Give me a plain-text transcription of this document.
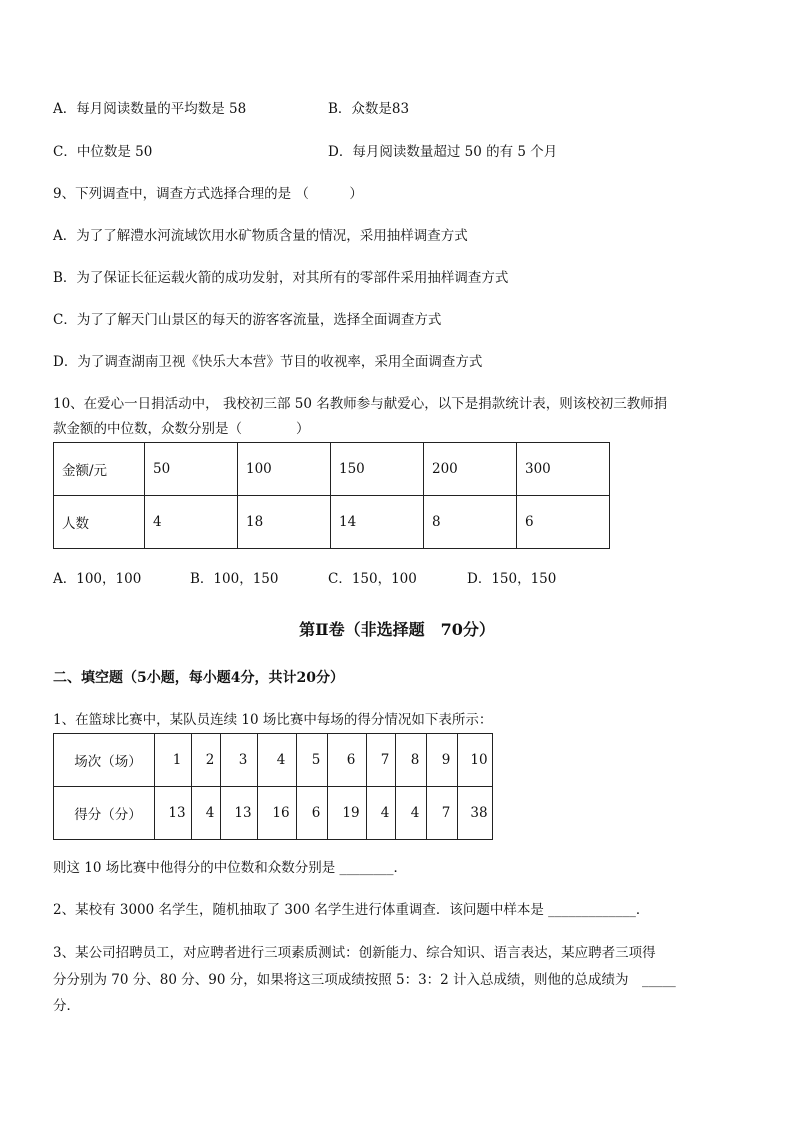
A．每月阅读数量的平均数是 58	B．众数是83
C．中位数是 50	D．每月阅读数量超过 50 的有 5 个月
9、下列调查中，调查方式选择合理的是 （　　　）
A．为了了解澧水河流域饮用水矿物质含量的情况，采用抽样调查方式
B．为了保证长征运载火箭的成功发射，对其所有的零部件采用抽样调查方式
C．为了了解天门山景区的每天的游客客流量，选择全面调查方式
D．为了调查湖南卫视《快乐大本营》节目的收视率，采用全面调查方式
10、在爱心一日捐活动中， 我校初三部 50 名教师参与献爱心，以下是捐款统计表，则该校初三教师捐
款金额的中位数，众数分别是（　　　　）
金额/元	50	100	150	200	300
人数	4	18	14	8	6
A．100，100	B．100，150	C．150，100	D．150，150
第Ⅱ卷（非选择题　70分）
二、填空题（5小题，每小题4分，共计20分）
1、在篮球比赛中，某队员连续 10 场比赛中每场的得分情况如下表所示：
场次（场）	1	2	3	4	5	6	7	8	9	10
得分（分）	13	4	13	16	6	19	4	4	7	38
则这 10 场比赛中他得分的中位数和众数分别是 ________．
2、某校有 3000 名学生，随机抽取了 300 名学生进行体重调查．该问题中样本是 _____________．
3、某公司招聘员工，对应聘者进行三项素质测试：创新能力、综合知识、语言表达，某应聘者三项得
分分别为 70 分、80 分、90 分，如果将这三项成绩按照 5：3：2 计入总成绩，则他的总成绩为　_____
分．
